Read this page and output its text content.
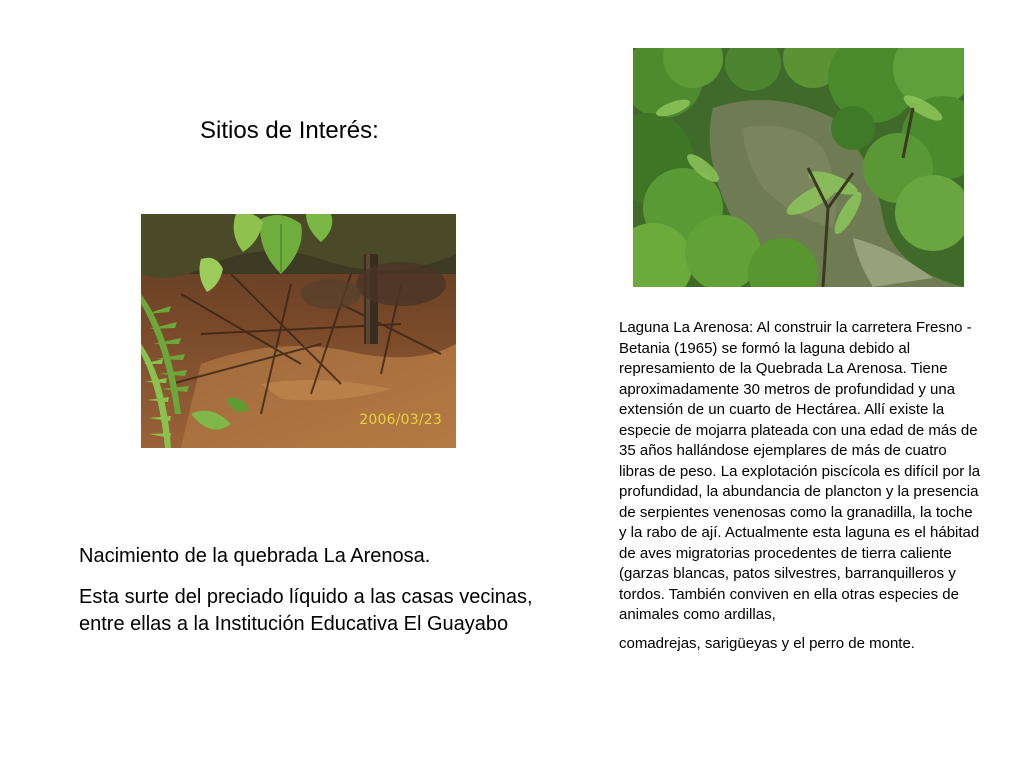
Sitios de Interés:
2006/03/23

Nacimiento de la quebrada La Arenosa.

Esta surte del preciado líquido a las casas vecinas, entre ellas a la Institución Educativa El Guayabo

Laguna La Arenosa: Al construir la carretera Fresno - Betania (1965) se formó la laguna debido al represamiento de la Quebrada La Arenosa. Tiene aproximadamente 30 metros de profundidad y una extensión de un cuarto de Hectárea. Allí existe la especie de mojarra plateada con una edad de más de 35 años hallándose ejemplares de más de cuatro libras de peso. La explotación piscícola es difícil por la profundidad, la abundancia de plancton y la presencia de serpientes venenosas como la granadilla, la toche y la rabo de ají. Actualmente esta laguna es el hábitad de aves migratorias procedentes de tierra caliente (garzas blancas, patos silvestres, barranquilleros y tordos. También conviven en ella otras especies de animales como ardillas,

comadrejas, sarigüeyas y el perro de monte.
